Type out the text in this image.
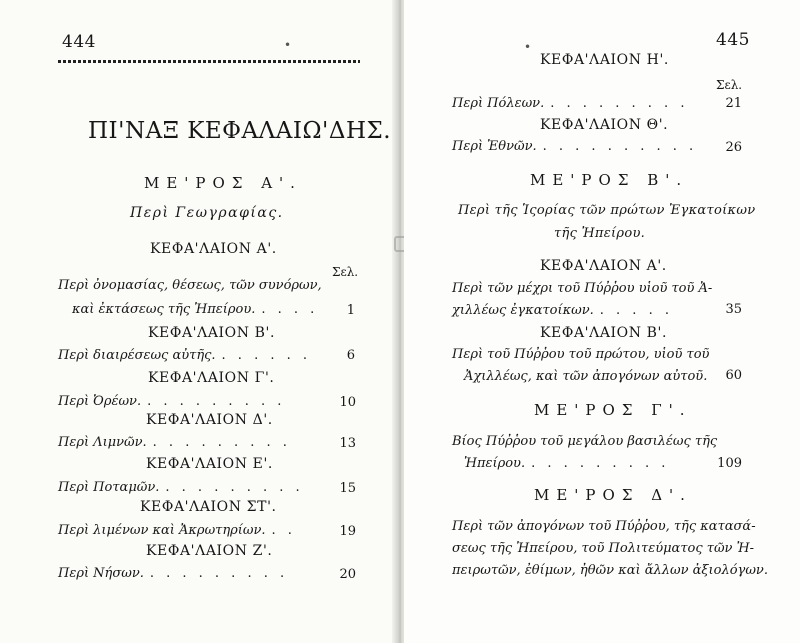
444	•
ΠΙ'ΝΑΞ ΚΕΦΑΛΑΙΩ'ΔΗΣ.
ΜΕ'ΡΟΣ Α'.
Περὶ Γεωγραφίας.
ΚΕΦΑ'ΛΑΙΟΝ Α'.
Σελ.
Περὶ ὀνομασίας, θέσεως, τῶν συνόρων,
καὶ ἐκτάσεως τῆς Ἠπείρου. . . . .	1
ΚΕΦΑ'ΛΑΙΟΝ Β'.
Περὶ διαιρέσεως αὐτῆς. . . . . . .	6
ΚΕΦΑ'ΛΑΙΟΝ Γ'.
Περὶ Ὀρέων. . . . . . . . . .	10
ΚΕΦΑ'ΛΑΙΟΝ Δ'.
Περὶ Λιμνῶν. . . . . . . . . .	13
ΚΕΦΑ'ΛΑΙΟΝ Ε'.
Περὶ Ποταμῶν. . . . . . . . . .	15
ΚΕΦΑ'ΛΑΙΟΝ ΣΤ'.
Περὶ λιμένων καὶ Ἀκρωτηρίων. . .	19
ΚΕΦΑ'ΛΑΙΟΝ Ζ'.
Περὶ Νήσων. . . . . . . . . .	20
•	445
ΚΕΦΑ'ΛΑΙΟΝ Η'.
Σελ.
Περὶ Πόλεων. . . . . . . . . .	21
ΚΕΦΑ'ΛΑΙΟΝ Θ'.
Περὶ Ἐθνῶν. . . . . . . . . . .	26
ΜΕ'ΡΟΣ Β'.
Περὶ τῆς Ἱςορίας τῶν πρώτων Ἐγκατοίκων
τῆς Ἠπείρου.
ΚΕΦΑ'ΛΑΙΟΝ Α'.
Περὶ τῶν μέχρι τοῦ Πύῤῥου υἱοῦ τοῦ Ἀ-
χιλλέως ἐγκατοίκων. . . . . .	35
ΚΕΦΑ'ΛΑΙΟΝ Β'.
Περὶ τοῦ Πύῤῥου τοῦ πρώτου, υἱοῦ τοῦ
Ἀχιλλέως, καὶ τῶν ἀπογόνων αὐτοῦ.	60
ΜΕ'ΡΟΣ Γ'.
Βίος Πύῤῥου τοῦ μεγάλου βασιλέως τῆς
Ἠπείρου. . . . . . . . . .	109
ΜΕ'ΡΟΣ Δ'.
Περὶ τῶν ἀπογόνων τοῦ Πύῤῥου, τῆς κατασά-
σεως τῆς Ἠπείρου, τοῦ Πολιτεύματος τῶν Ἠ-
πειρωτῶν, ἐθίμων, ἠθῶν καὶ ἄλλων ἀξιολόγων.
